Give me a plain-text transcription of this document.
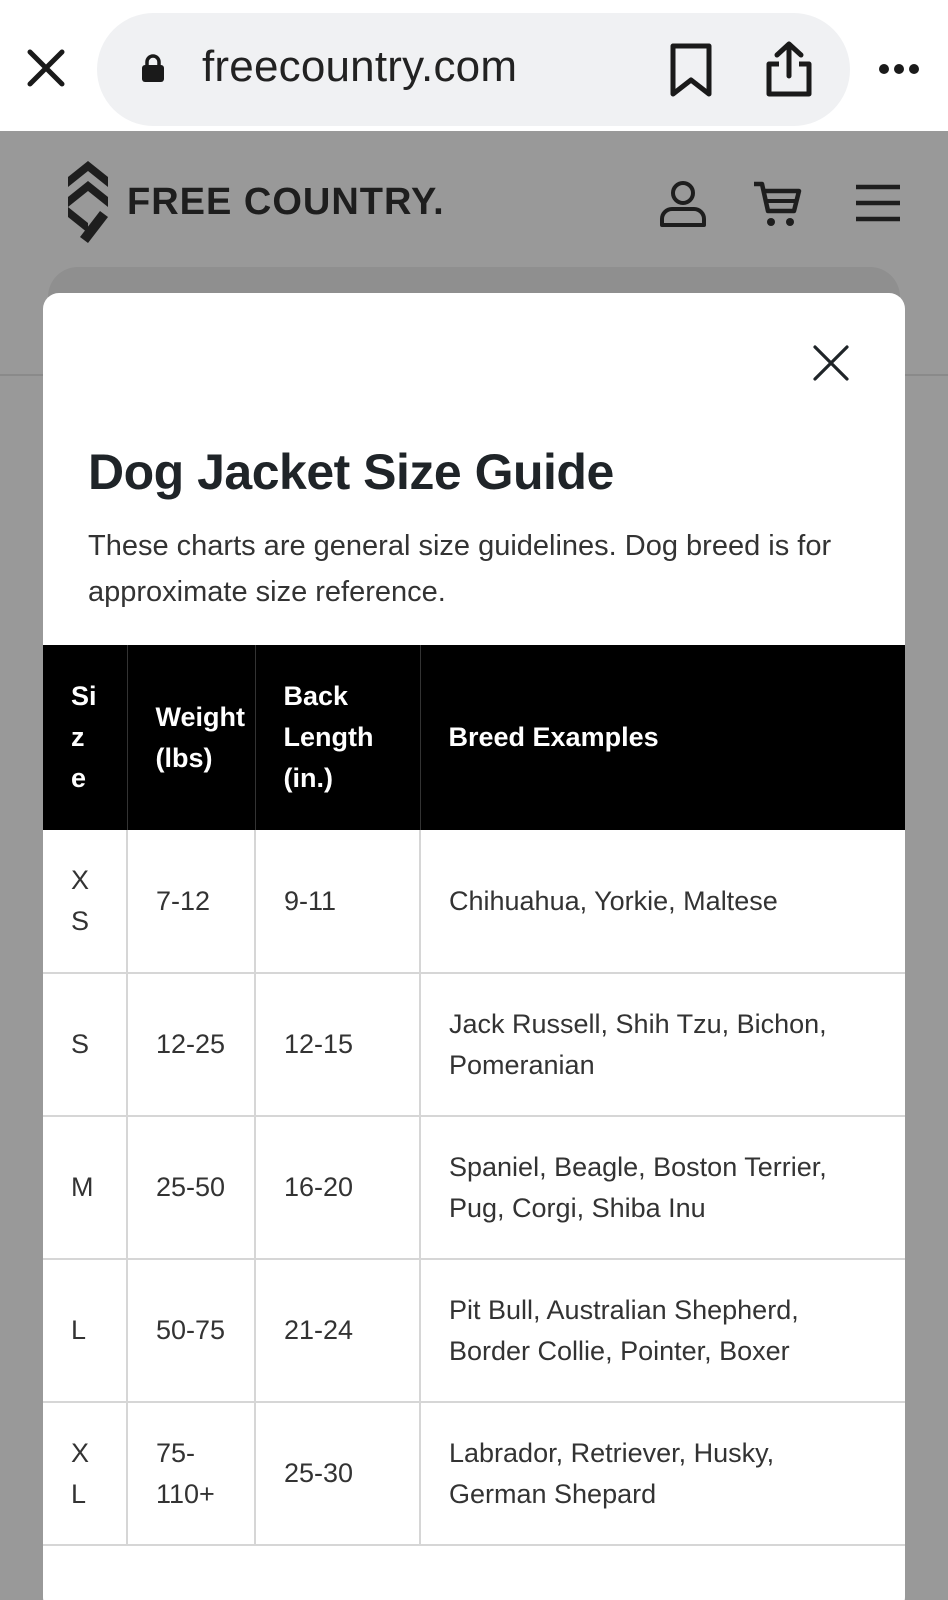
freecountry.com
FREE COUNTRY.
Dog Jacket Size Guide

These charts are general size guidelines. Dog breed is for approximate size reference.

Size	Weight (lbs)	Back Length (in.)	Breed Examples
XS	7-12	9-11	Chihuahua, Yorkie, Maltese
S	12-25	12-15	Jack Russell, Shih Tzu, Bichon, Pomeranian
M	25-50	16-20	Spaniel, Beagle, Boston Terrier, Pug, Corgi, Shiba Inu
L	50-75	21-24	Pit Bull, Australian Shepherd, Border Collie, Pointer, Boxer
XL	75-110+	25-30	Labrador, Retriever, Husky, German Shepard
